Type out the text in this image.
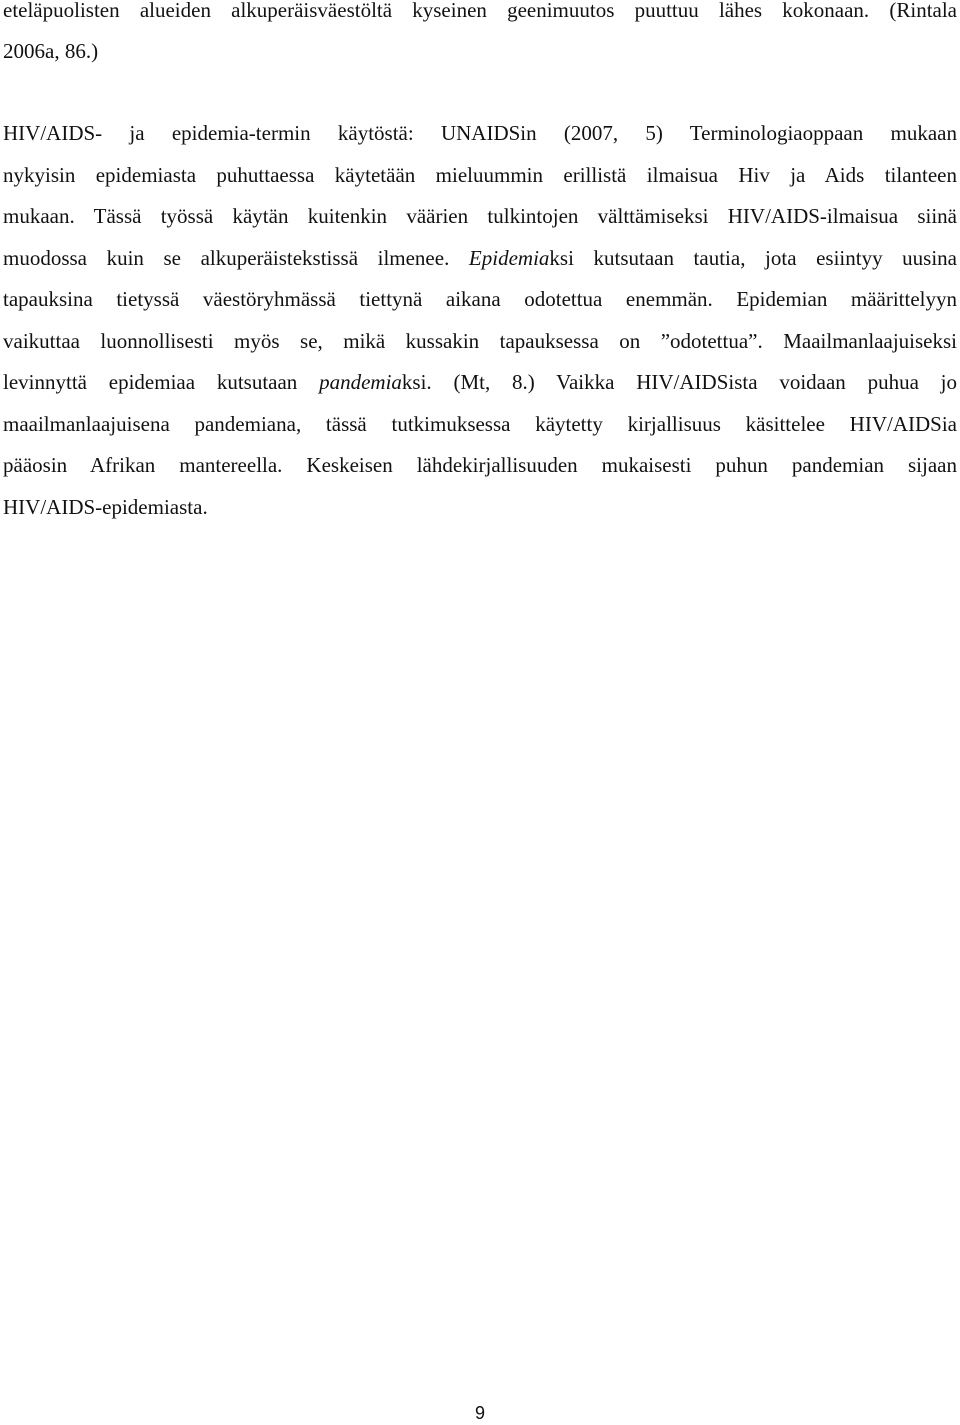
eteläpuolisten alueiden alkuperäisväestöltä kyseinen geenimuutos puuttuu lähes kokonaan. (Rintala
2006a, 86.)
HIV/AIDS- ja epidemia-termin käytöstä: UNAIDSin (2007, 5) Terminologiaoppaan mukaan
nykyisin epidemiasta puhuttaessa käytetään mieluummin erillistä ilmaisua Hiv ja Aids tilanteen
mukaan. Tässä työssä käytän kuitenkin väärien tulkintojen välttämiseksi HIV/AIDS-ilmaisua siinä
muodossa kuin se alkuperäistekstissä ilmenee. Epidemiaksi kutsutaan tautia, jota esiintyy uusina
tapauksina tietyssä väestöryhmässä tiettynä aikana odotettua enemmän. Epidemian määrittelyyn
vaikuttaa luonnollisesti myös se, mikä kussakin tapauksessa on ”odotettua”. Maailmanlaajuiseksi
levinnyttä epidemiaa kutsutaan pandemiaksi. (Mt, 8.) Vaikka HIV/AIDSista voidaan puhua jo
maailmanlaajuisena pandemiana, tässä tutkimuksessa käytetty kirjallisuus käsittelee HIV/AIDSia
pääosin Afrikan mantereella. Keskeisen lähdekirjallisuuden mukaisesti puhun pandemian sijaan
HIV/AIDS-epidemiasta.
9
